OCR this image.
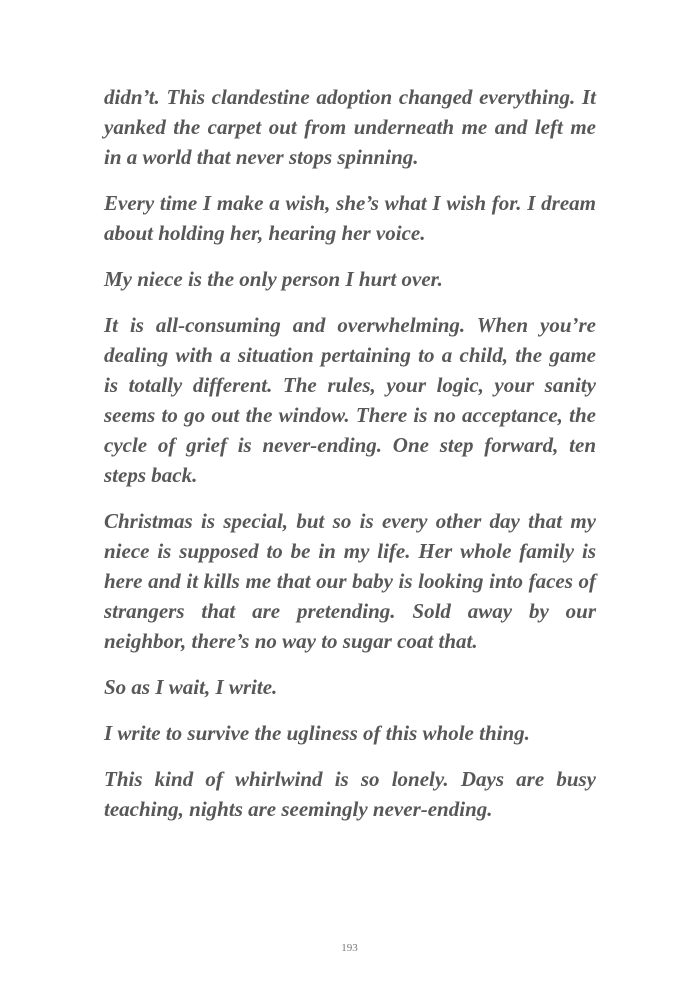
didn’t. This clandestine adoption changed everything. It yanked the carpet out from underneath me and left me in a world that never stops spinning.

Every time I make a wish, she’s what I wish for. I dream about holding her, hearing her voice.

My niece is the only person I hurt over.

It is all-consuming and overwhelming. When you’re dealing with a situation pertaining to a child, the game is totally different. The rules, your logic, your sanity seems to go out the window. There is no acceptance, the cycle of grief is never-ending. One step forward, ten steps back.

Christmas is special, but so is every other day that my niece is supposed to be in my life. Her whole family is here and it kills me that our baby is looking into faces of strangers that are pretending. Sold away by our neighbor, there’s no way to sugar coat that.

So as I wait, I write.

I write to survive the ugliness of this whole thing.

This kind of whirlwind is so lonely. Days are busy teaching, nights are seemingly never-ending.

193
